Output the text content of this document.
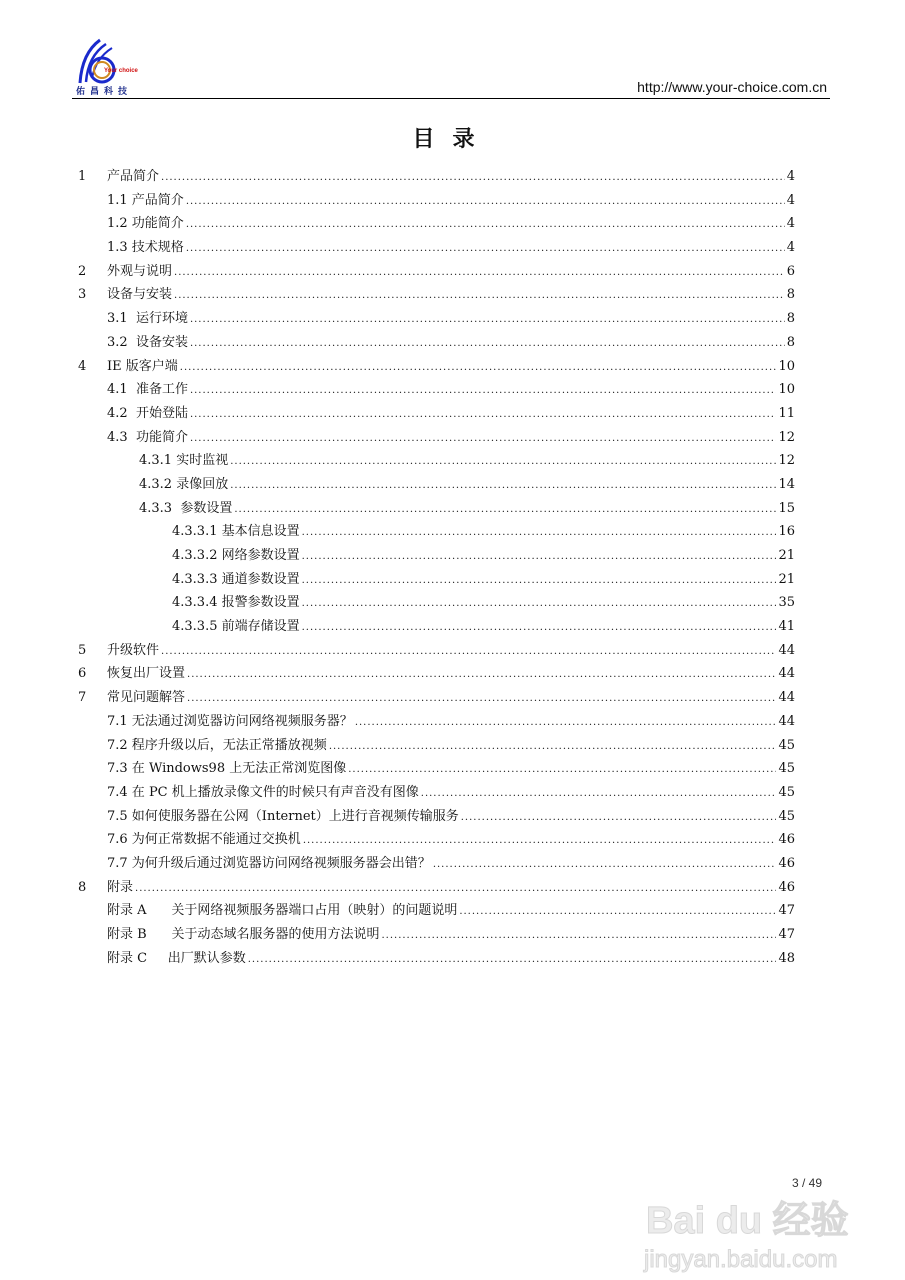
Your choice
佑昌科技	http://www.your-choice.com.cn
目录
1	产品简介 .....	4
1.1 产品简介 .....	4
1.2 功能简介 .....	4
1.3 技术规格 .....	4
2	外观与说明 .....	6
3	设备与安装 .....	8
3.1  运行环境 .....	8
3.2  设备安装 .....	8
4	IE 版客户端 .....	10
4.1  准备工作 .....	10
4.2  开始登陆 .....	11
4.3  功能简介 .....	12
4.3.1 实时监视 .....	12
4.3.2 录像回放 .....	14
4.3.3  参数设置 .....	15
4.3.3.1 基本信息设置 .....	16
4.3.3.2 网络参数设置 .....	21
4.3.3.3 通道参数设置 .....	21
4.3.3.4 报警参数设置 .....	35
4.3.3.5 前端存储设置 .....	41
5	升级软件 .....	44
6	恢复出厂设置 .....	44
7	常见问题解答 .....	44
7.1 无法通过浏览器访问网络视频服务器？ .....	44
7.2 程序升级以后，无法正常播放视频 .....	45
7.3 在 Windows98 上无法正常浏览图像 .....	45
7.4 在 PC 机上播放录像文件的时候只有声音没有图像 .....	45
7.5 如何使服务器在公网（Internet）上进行音视频传输服务 .....	45
7.6 为何正常数据不能通过交换机 .....	46
7.7 为何升级后通过浏览器访问网络视频服务器会出错？ .....	46
8	附录 .....	46
附录 A      关于网络视频服务器端口占用（映射）的问题说明 .....	47
附录 B      关于动态域名服务器的使用方法说明 .....	47
附录 C     出厂默认参数 .....	48
3 / 49
Bai du 经验
jingyan.baidu.com
